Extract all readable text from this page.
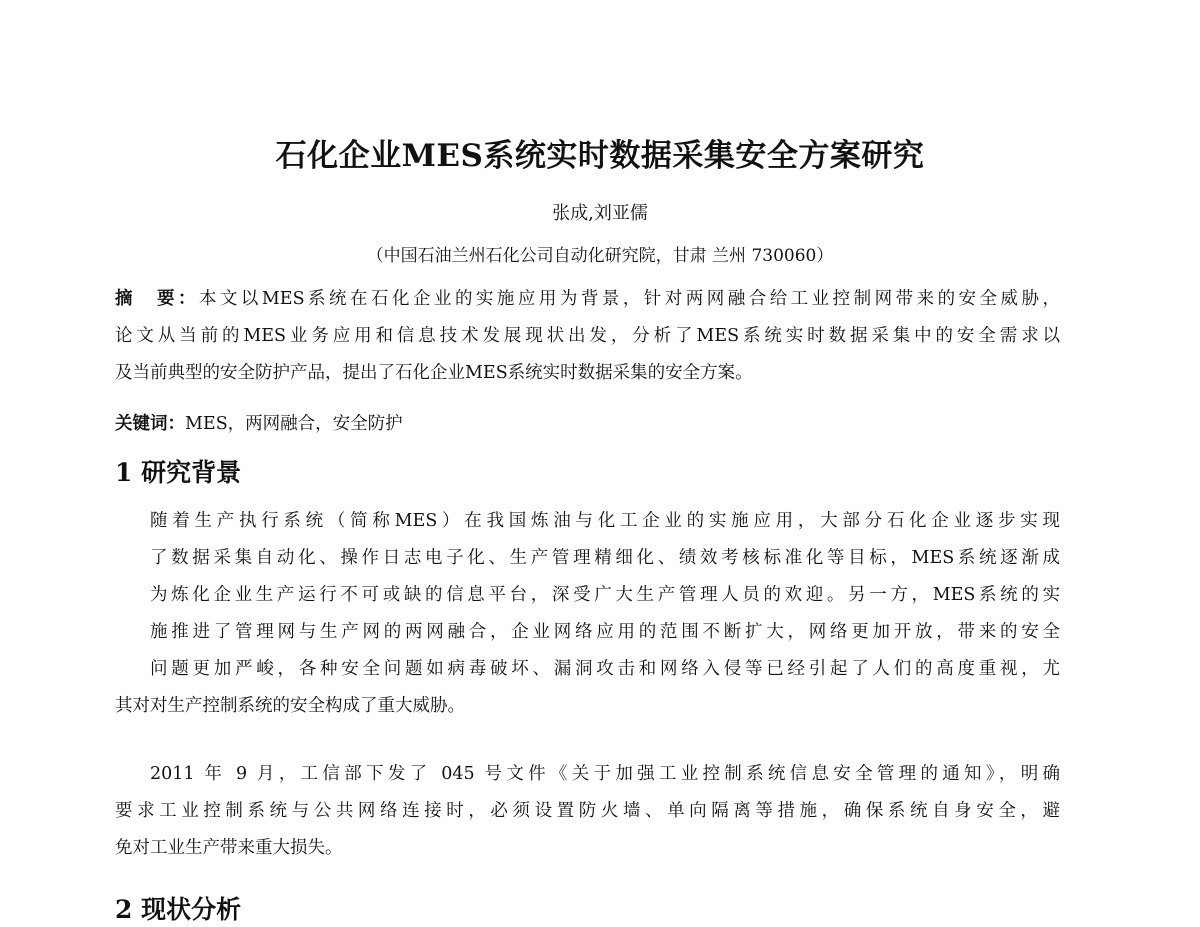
石化企业MES系统实时数据采集安全方案研究
张成,刘亚儒
（中国石油兰州石化公司自动化研究院，甘肃 兰州 730060）
摘　要：本文以MES系统在石化企业的实施应用为背景，针对两网融合给工业控制网带来的安全威胁，
论文从当前的MES业务应用和信息技术发展现状出发，分析了MES系统实时数据采集中的安全需求以
及当前典型的安全防护产品，提出了石化企业MES系统实时数据采集的安全方案。
关键词：MES，两网融合，安全防护
1 研究背景
随着生产执行系统（简称MES）在我国炼油与化工企业的实施应用，大部分石化企业逐步实现
了数据采集自动化、操作日志电子化、生产管理精细化、绩效考核标准化等目标，MES系统逐渐成
为炼化企业生产运行不可或缺的信息平台，深受广大生产管理人员的欢迎。另一方，MES系统的实
施推进了管理网与生产网的两网融合，企业网络应用的范围不断扩大，网络更加开放，带来的安全
问题更加严峻，各种安全问题如病毒破坏、漏洞攻击和网络入侵等已经引起了人们的高度重视，尤
其对对生产控制系统的安全构成了重大威胁。
2011 年 9 月，工信部下发了 045 号文件《关于加强工业控制系统信息安全管理的通知》，明确
要求工业控制系统与公共网络连接时，必须设置防火墙、单向隔离等措施，确保系统自身安全，避
免对工业生产带来重大损失。
2 现状分析
